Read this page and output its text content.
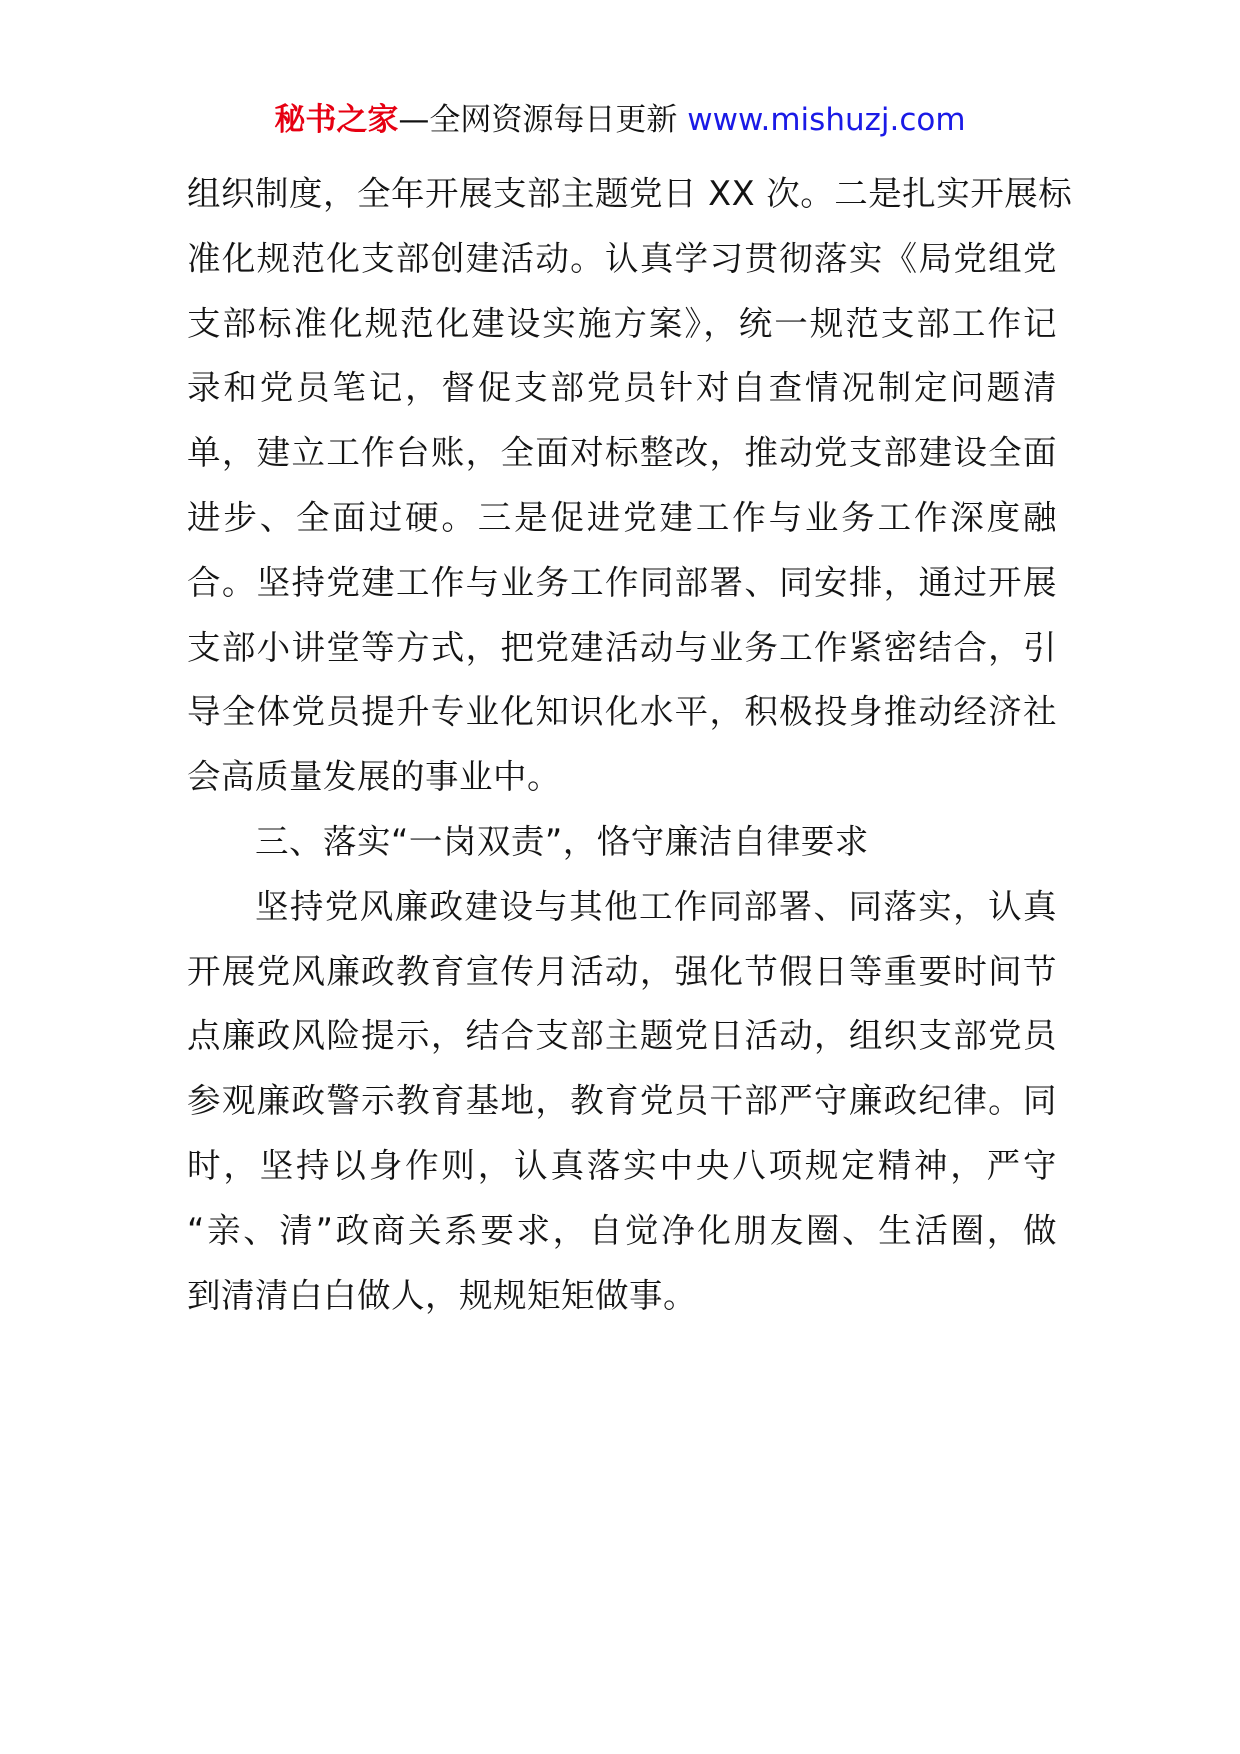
秘书之家—全网资源每日更新 www.mishuzj.com
组织制度，全年开展支部主题党日 XX 次。二是扎实开展标
准化规范化支部创建活动。认真学习贯彻落实《局党组党
支部标准化规范化建设实施方案》，统一规范支部工作记
录和党员笔记，督促支部党员针对自查情况制定问题清
单，建立工作台账，全面对标整改，推动党支部建设全面
进步、全面过硬。三是促进党建工作与业务工作深度融
合。坚持党建工作与业务工作同部署、同安排，通过开展
支部小讲堂等方式，把党建活动与业务工作紧密结合，引
导全体党员提升专业化知识化水平，积极投身推动经济社
会高质量发展的事业中。
三、落实“一岗双责”，恪守廉洁自律要求
坚持党风廉政建设与其他工作同部署、同落实，认真
开展党风廉政教育宣传月活动，强化节假日等重要时间节
点廉政风险提示，结合支部主题党日活动，组织支部党员
参观廉政警示教育基地，教育党员干部严守廉政纪律。同
时，坚持以身作则，认真落实中央八项规定精神，严守
“亲、清”政商关系要求，自觉净化朋友圈、生活圈，做
到清清白白做人，规规矩矩做事。
